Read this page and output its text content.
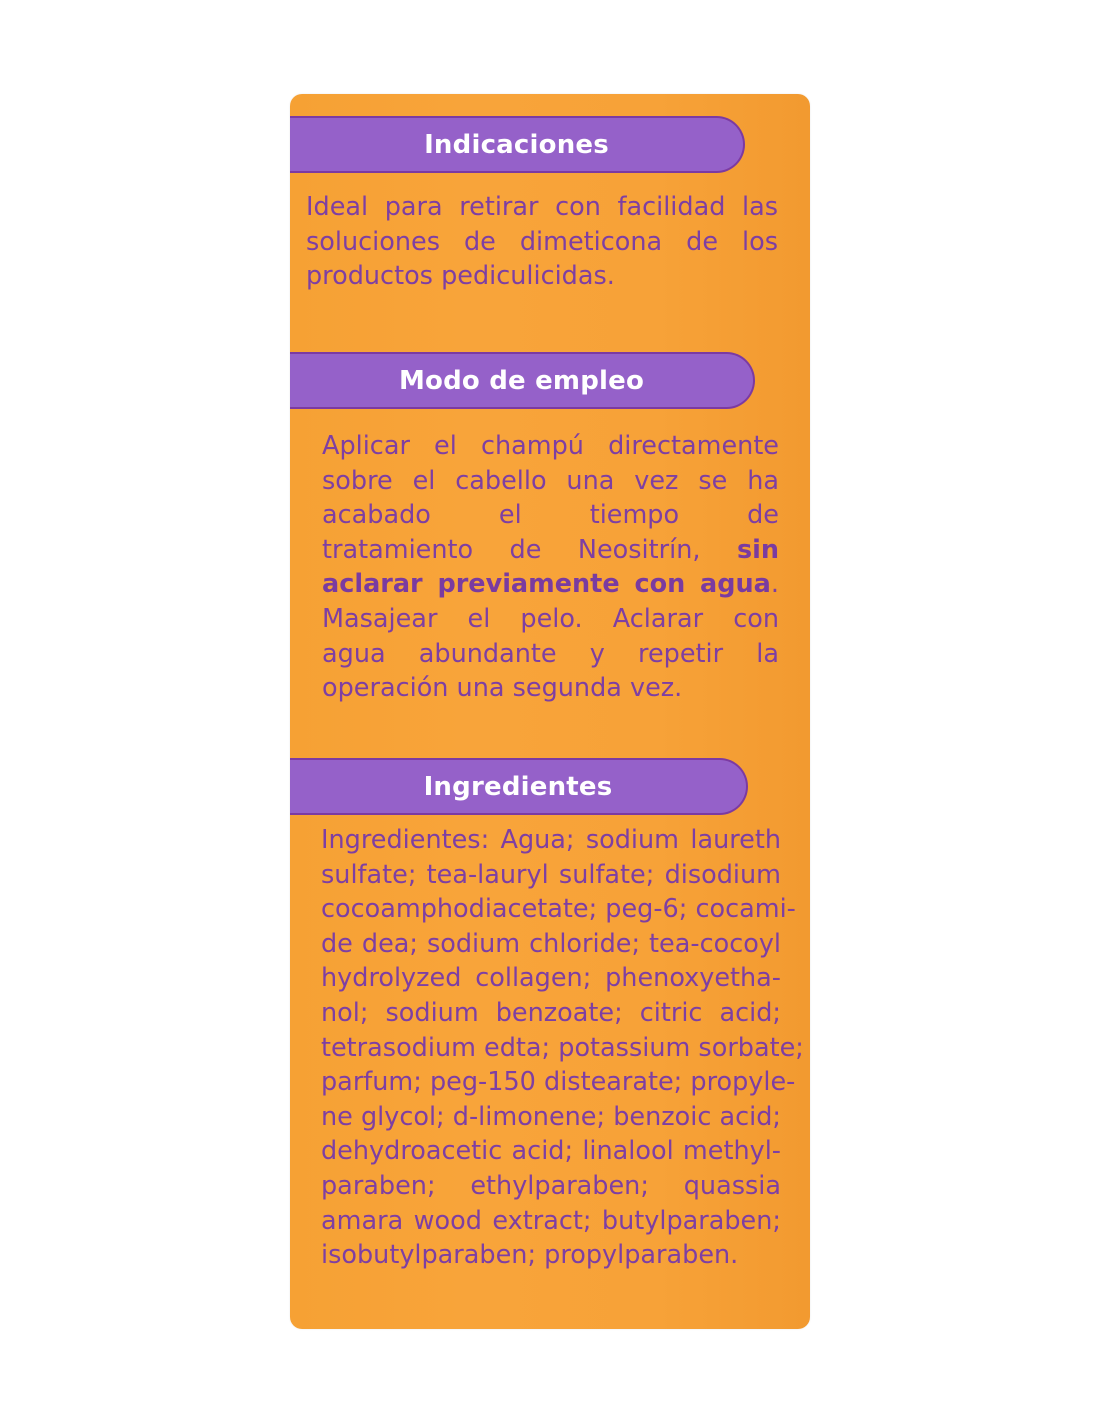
Indicaciones
Ideal para retirar con facilidad las
soluciones de dimeticona de los
productos pediculicidas.
Modo de empleo
Aplicar el champú directamente
sobre el cabello una vez se ha
acabado el tiempo de
tratamiento de Neositrín, sin
aclarar previamente con agua.
Masajear el pelo. Aclarar con
agua abundante y repetir la
operación una segunda vez.
Ingredientes
Ingredientes: Agua; sodium laureth
sulfate; tea-lauryl sulfate; disodium
cocoamphodiacetate; peg-6; cocami-
de dea; sodium chloride; tea-cocoyl
hydrolyzed collagen; phenoxyetha-
nol; sodium benzoate; citric acid;
tetrasodium edta; potassium sorbate;
parfum; peg-150 distearate; propyle-
ne glycol; d-limonene; benzoic acid;
dehydroacetic acid; linalool methyl-
paraben; ethylparaben; quassia
amara wood extract; butylparaben;
isobutylparaben; propylparaben.
